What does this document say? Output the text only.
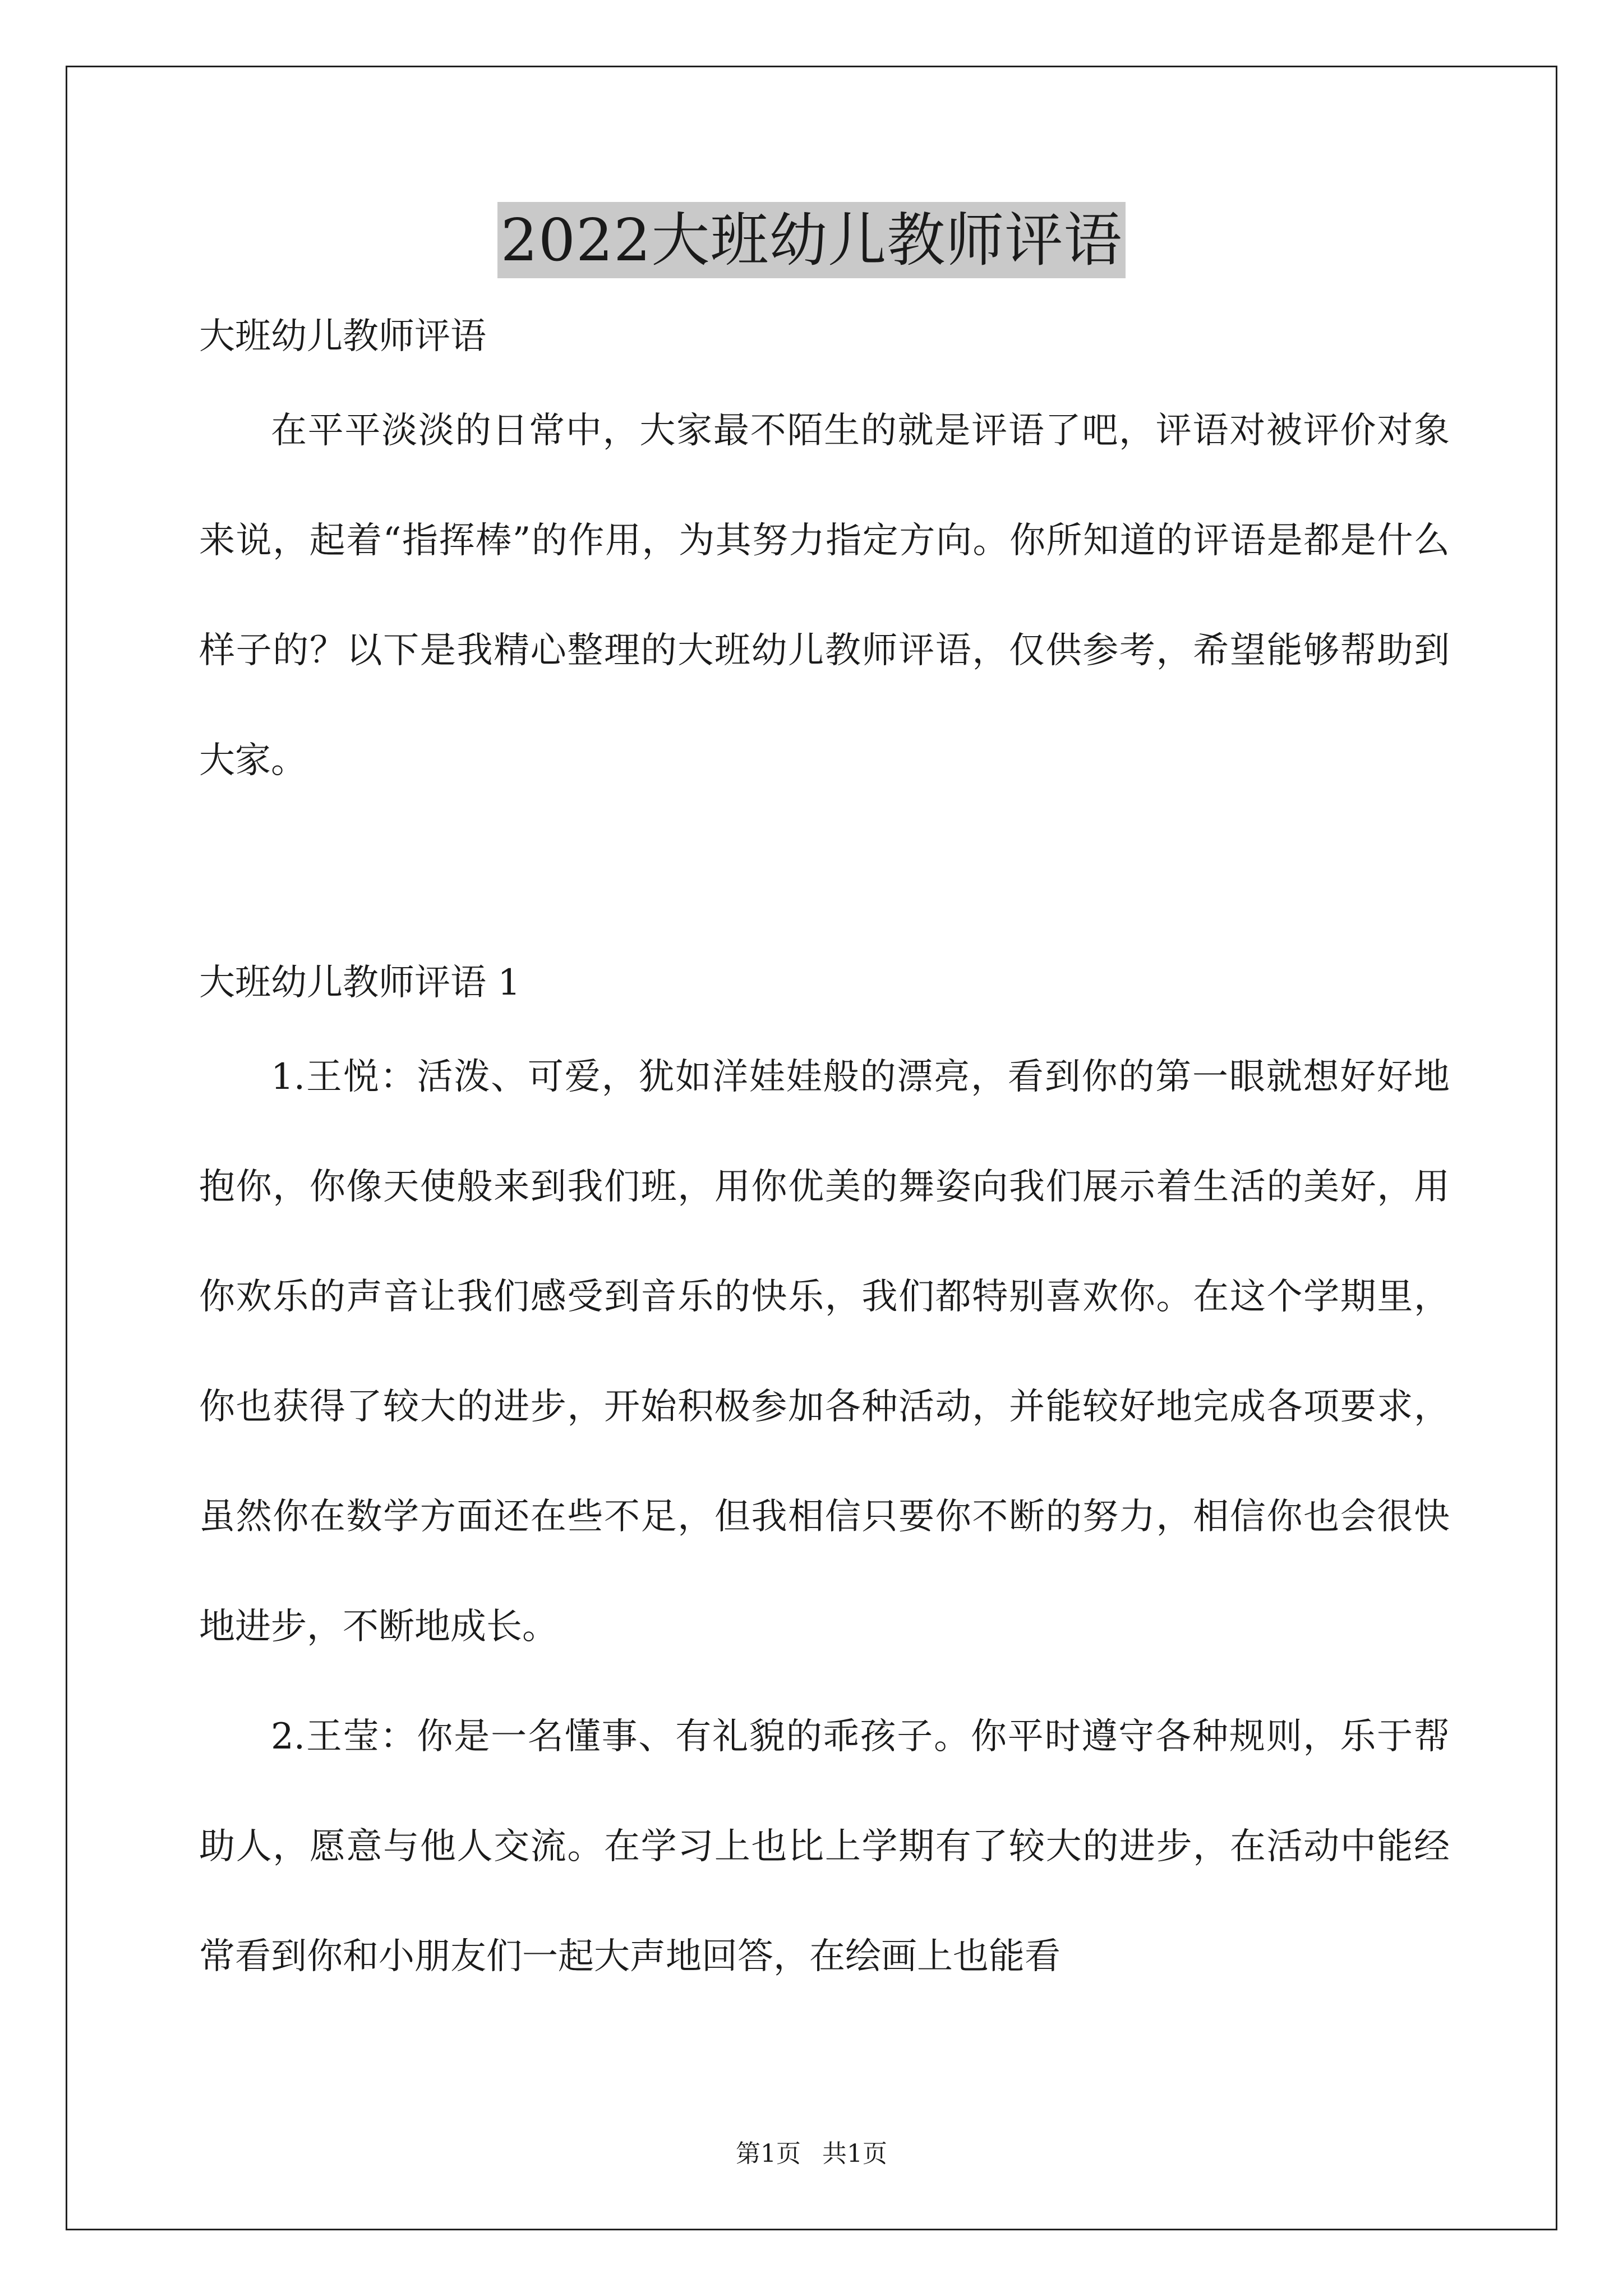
2022大班幼儿教师评语

大班幼儿教师评语

在平平淡淡的日常中，大家最不陌生的就是评语了吧，评语对被评价对象来说，起着“指挥棒”的作用，为其努力指定方向。你所知道的评语是都是什么样子的？以下是我精心整理的大班幼儿教师评语，仅供参考，希望能够帮助到大家。

大班幼儿教师评语 1

1.王悦：活泼、可爱，犹如洋娃娃般的漂亮，看到你的第一眼就想好好地抱你，你像天使般来到我们班，用你优美的舞姿向我们展示着生活的美好，用你欢乐的声音让我们感受到音乐的快乐，我们都特别喜欢你。在这个学期里，你也获得了较大的进步，开始积极参加各种活动，并能较好地完成各项要求，虽然你在数学方面还在些不足，但我相信只要你不断的努力，相信你也会很快地进步，不断地成长。

2.王莹：你是一名懂事、有礼貌的乖孩子。你平时遵守各种规则，乐于帮助人，愿意与他人交流。在学习上也比上学期有了较大的进步，在活动中能经常看到你和小朋友们一起大声地回答，在绘画上也能看

第1页 共1页
